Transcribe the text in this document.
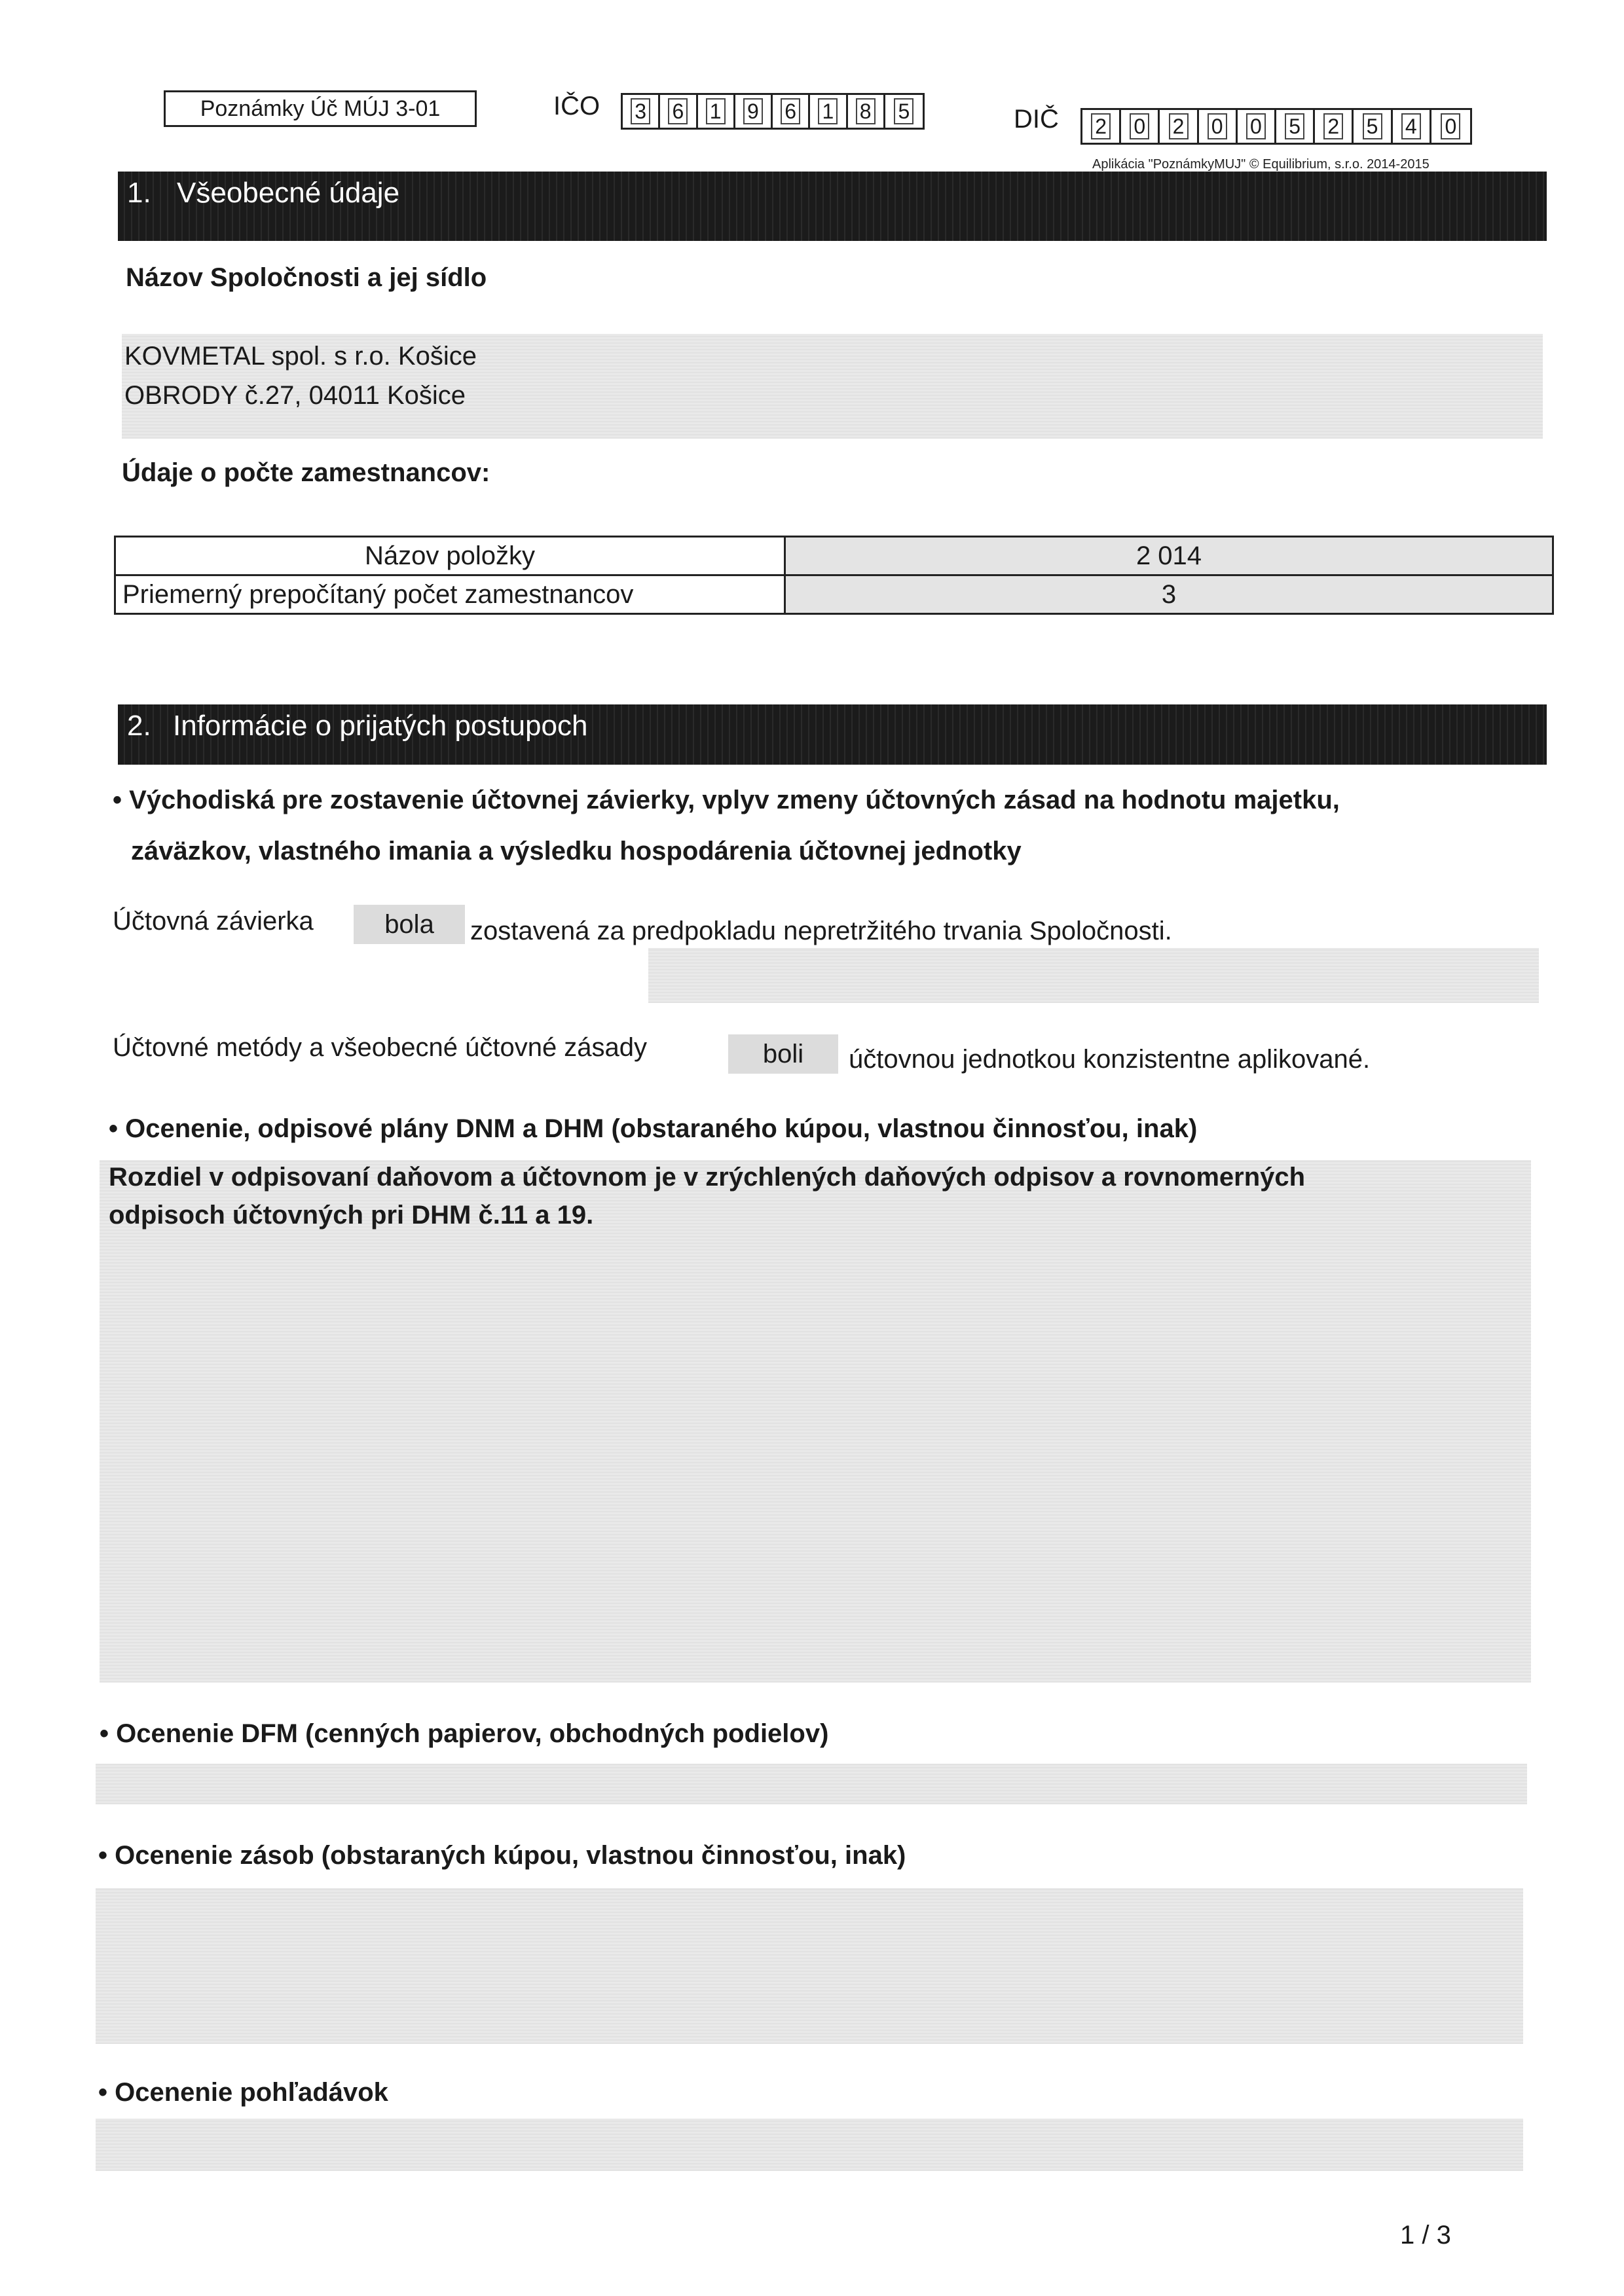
Poznámky Úč MÚJ 3-01	IČO 3 6 1 9 6 1 8 5	DIČ 2 0 2 0 0 5 2 5 4 0
Aplikácia "PoznámkyMUJ" © Equilibrium, s.r.o. 2014-2015
1. Všeobecné údaje
Názov Spoločnosti a jej sídlo
KOVMETAL spol. s r.o. Košice
OBRODY č.27, 04011 Košice
Údaje o počte zamestnancov:
Názov položky	2 014
Priemerný prepočítaný počet zamestnancov	3
2. Informácie o prijatých postupoch
• Východiská pre zostavenie účtovnej závierky, vplyv zmeny účtovných zásad na hodnotu majetku,
záväzkov, vlastného imania a výsledku hospodárenia účtovnej jednotky
Účtovná závierka	bola	zostavená za predpokladu nepretržitého trvania Spoločnosti.
Účtovné metódy a všeobecné účtovné zásady	boli	účtovnou jednotkou konzistentne aplikované.
• Ocenenie, odpisové plány DNM a DHM (obstaraného kúpou, vlastnou činnosťou, inak)
Rozdiel v odpisovaní daňovom a účtovnom je v zrýchlených daňových odpisov a rovnomerných
odpisoch účtovných pri DHM č.11 a 19.
• Ocenenie DFM (cenných papierov, obchodných podielov)
• Ocenenie zásob (obstaraných kúpou, vlastnou činnosťou, inak)
• Ocenenie pohľadávok
1 / 3
